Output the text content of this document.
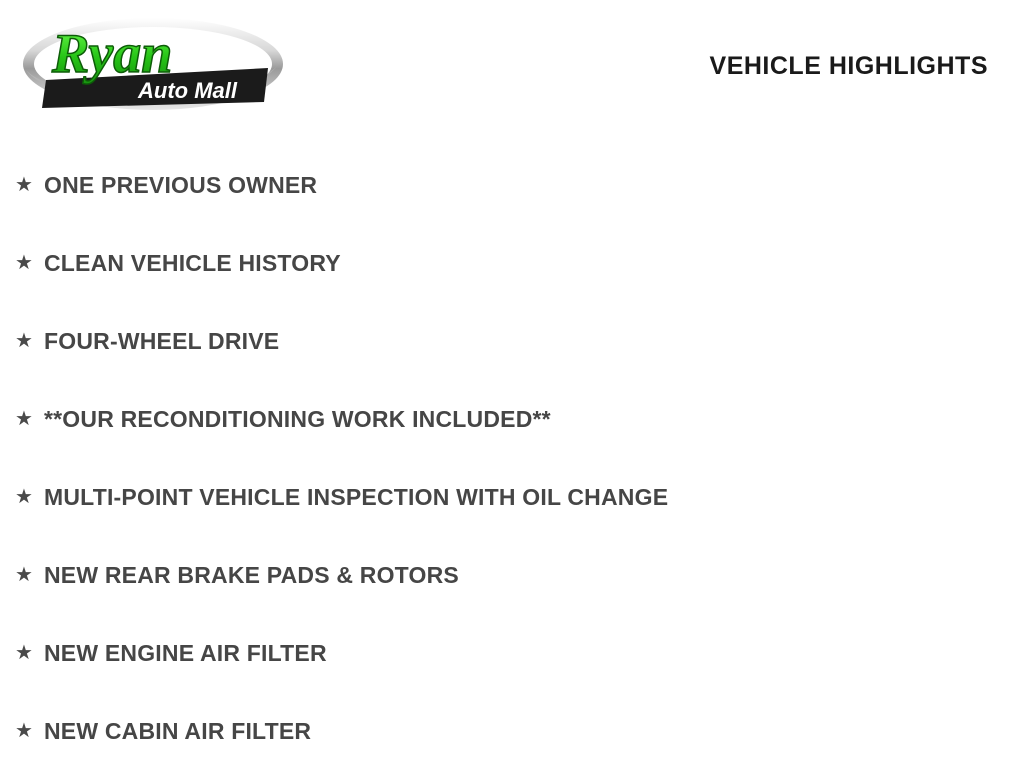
Ryan
Auto Mall
VEHICLE HIGHLIGHTS
★ ONE PREVIOUS OWNER
★ CLEAN VEHICLE HISTORY
★ FOUR-WHEEL DRIVE
★ **OUR RECONDITIONING WORK INCLUDED**
★ MULTI-POINT VEHICLE INSPECTION WITH OIL CHANGE
★ NEW REAR BRAKE PADS & ROTORS
★ NEW ENGINE AIR FILTER
★ NEW CABIN AIR FILTER
